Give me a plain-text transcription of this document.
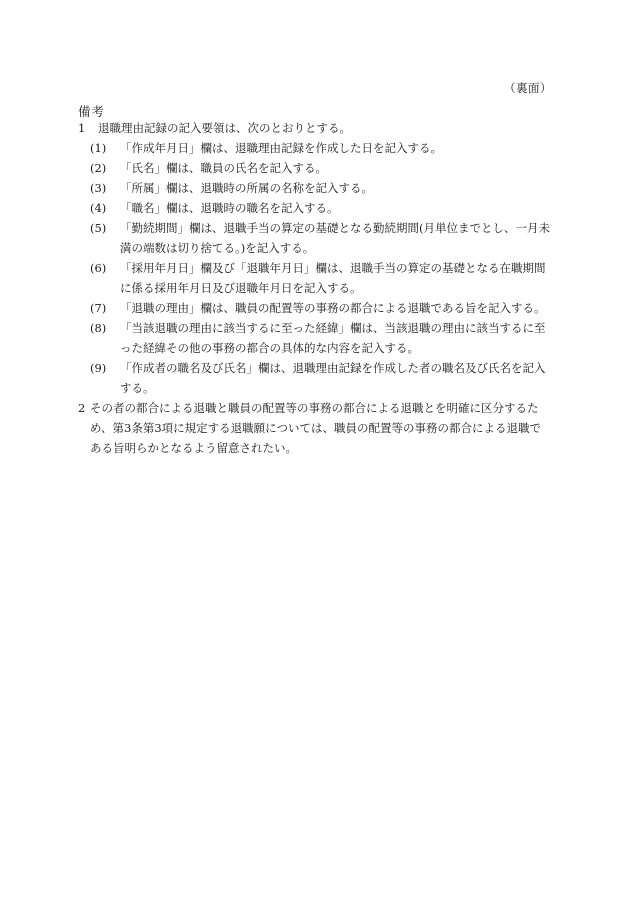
（裏面）
備考
1	退職理由記録の記入要領は、次のとおりとする。
(1)	「作成年月日」欄は、退職理由記録を作成した日を記入する。
(2)	「氏名」欄は、職員の氏名を記入する。
(3)	「所属」欄は、退職時の所属の名称を記入する。
(4)	「職名」欄は、退職時の職名を記入する。
(5)	「勤続期間」欄は、退職手当の算定の基礎となる勤続期間(月単位までとし、一月未満の端数は切り捨てる。)を記入する。
(6)	「採用年月日」欄及び「退職年月日」欄は、退職手当の算定の基礎となる在職期間に係る採用年月日及び退職年月日を記入する。
(7)	「退職の理由」欄は、職員の配置等の事務の都合による退職である旨を記入する。
(8)	「当該退職の理由に該当するに至った経緯」欄は、当該退職の理由に該当するに至った経緯その他の事務の都合の具体的な内容を記入する。
(9)	「作成者の職名及び氏名」欄は、退職理由記録を作成した者の職名及び氏名を記入する。
2 その者の都合による退職と職員の配置等の事務の都合による退職とを明確に区分するため、第3条第3項に規定する退職願については、職員の配置等の事務の都合による退職である旨明らかとなるよう留意されたい。
